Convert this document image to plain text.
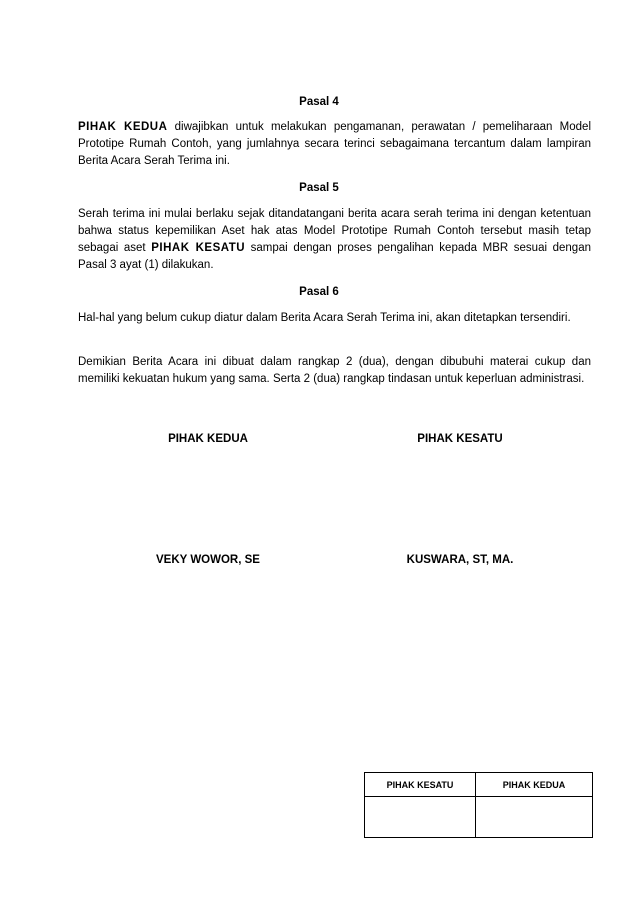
Pasal 4

PIHAK KEDUA diwajibkan untuk melakukan pengamanan, perawatan / pemeliharaan Model Prototipe Rumah Contoh, yang jumlahnya secara terinci sebagaimana tercantum dalam lampiran Berita Acara Serah Terima ini.

Pasal 5

Serah terima ini mulai berlaku sejak ditandatangani berita acara serah terima ini dengan ketentuan bahwa status kepemilikan Aset hak atas Model Prototipe Rumah Contoh tersebut masih tetap sebagai aset PIHAK KESATU sampai dengan proses pengalihan kepada MBR sesuai dengan Pasal 3 ayat (1) dilakukan.

Pasal 6

Hal-hal yang belum cukup diatur dalam Berita Acara Serah Terima ini, akan ditetapkan tersendiri.

Demikian Berita Acara ini dibuat dalam rangkap 2 (dua), dengan dibubuhi materai cukup dan memiliki kekuatan hukum yang sama. Serta 2 (dua) rangkap tindasan untuk keperluan administrasi.

PIHAK KEDUA	PIHAK KESATU

VEKY WOWOR, SE	KUSWARA, ST, MA.

PIHAK KESATU	PIHAK KEDUA
